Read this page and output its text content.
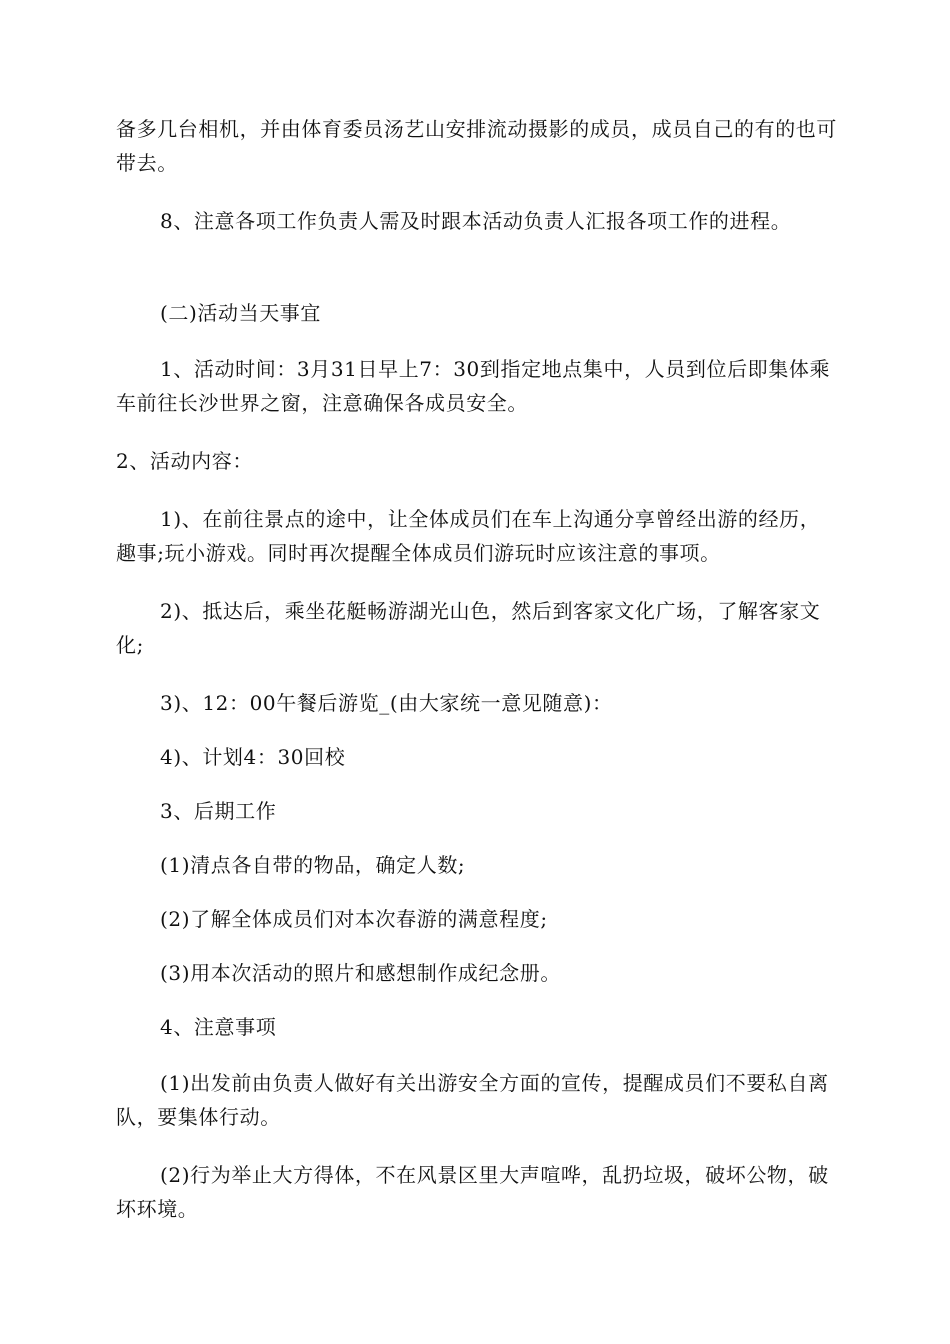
备多几台相机，并由体育委员汤艺山安排流动摄影的成员，成员自己的有的也可带去。

8、注意各项工作负责人需及时跟本活动负责人汇报各项工作的进程。

(二)活动当天事宜

1、活动时间：3月31日早上7：30到指定地点集中，人员到位后即集体乘车前往长沙世界之窗，注意确保各成员安全。

2、活动内容：

1)、在前往景点的途中，让全体成员们在车上沟通分享曾经出游的经历，趣事;玩小游戏。同时再次提醒全体成员们游玩时应该注意的事项。

2)、抵达后，乘坐花艇畅游湖光山色，然后到客家文化广场，了解客家文化;

3)、12：00午餐后游览_(由大家统一意见随意)：

4)、计划4：30回校

3、后期工作

(1)清点各自带的物品，确定人数;

(2)了解全体成员们对本次春游的满意程度;

(3)用本次活动的照片和感想制作成纪念册。

4、注意事项

(1)出发前由负责人做好有关出游安全方面的宣传，提醒成员们不要私自离队，要集体行动。

(2)行为举止大方得体，不在风景区里大声喧哗，乱扔垃圾，破坏公物，破坏环境。
